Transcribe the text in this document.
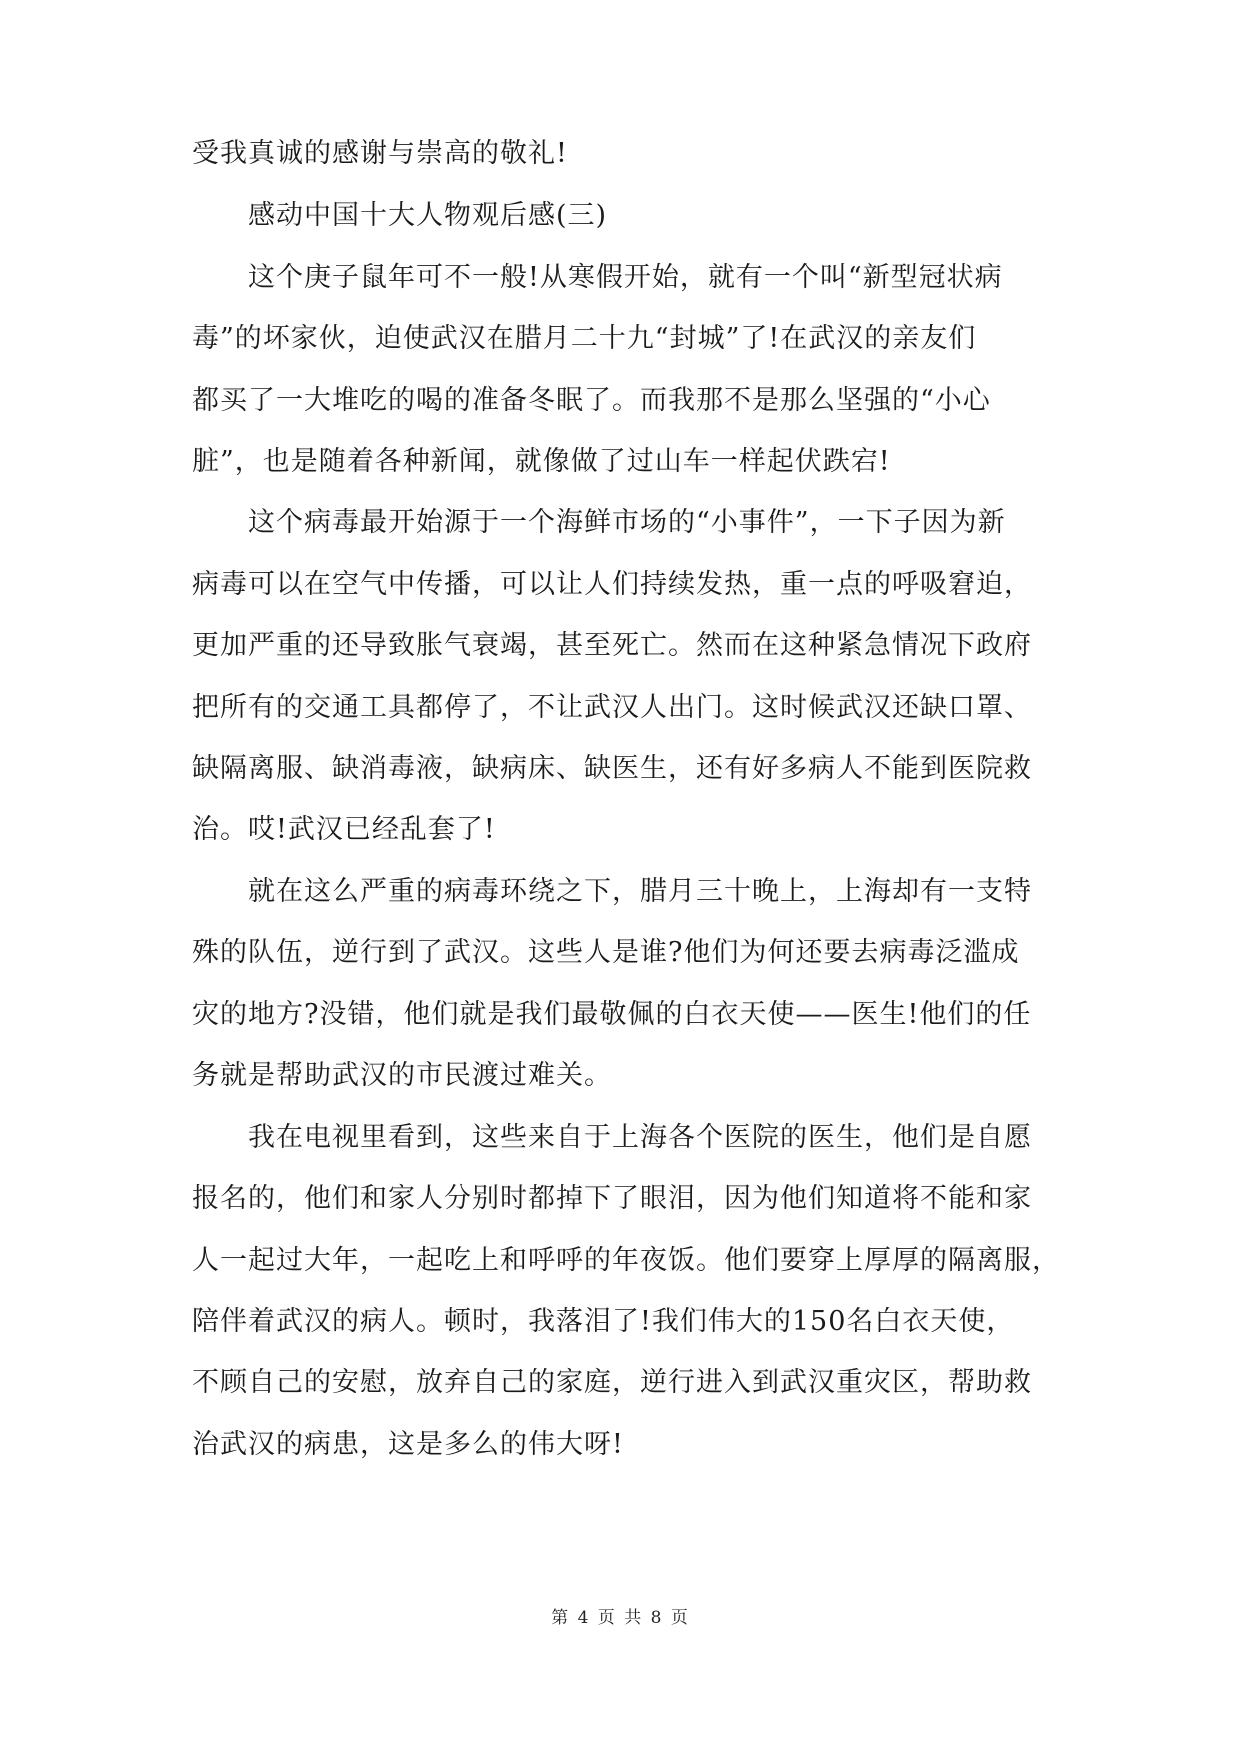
受我真诚的感谢与崇高的敬礼!
感动中国十大人物观后感(三)
这个庚子鼠年可不一般!从寒假开始，就有一个叫“新型冠状病
毒”的坏家伙，迫使武汉在腊月二十九“封城”了!在武汉的亲友们
都买了一大堆吃的喝的准备冬眠了。而我那不是那么坚强的“小心
脏”，也是随着各种新闻，就像做了过山车一样起伏跌宕!
这个病毒最开始源于一个海鲜市场的“小事件”，一下子因为新
病毒可以在空气中传播，可以让人们持续发热，重一点的呼吸窘迫，
更加严重的还导致胀气衰竭，甚至死亡。然而在这种紧急情况下政府
把所有的交通工具都停了，不让武汉人出门。这时候武汉还缺口罩、
缺隔离服、缺消毒液，缺病床、缺医生，还有好多病人不能到医院救
治。哎!武汉已经乱套了!
就在这么严重的病毒环绕之下，腊月三十晚上，上海却有一支特
殊的队伍，逆行到了武汉。这些人是谁?他们为何还要去病毒泛滥成
灾的地方?没错，他们就是我们最敬佩的白衣天使——医生!他们的任
务就是帮助武汉的市民渡过难关。
我在电视里看到，这些来自于上海各个医院的医生，他们是自愿
报名的，他们和家人分别时都掉下了眼泪，因为他们知道将不能和家
人一起过大年，一起吃上和呼呼的年夜饭。他们要穿上厚厚的隔离服，
陪伴着武汉的病人。顿时，我落泪了!我们伟大的150名白衣天使，
不顾自己的安慰，放弃自己的家庭，逆行进入到武汉重灾区，帮助救
治武汉的病患，这是多么的伟大呀!
第 4 页 共 8 页
